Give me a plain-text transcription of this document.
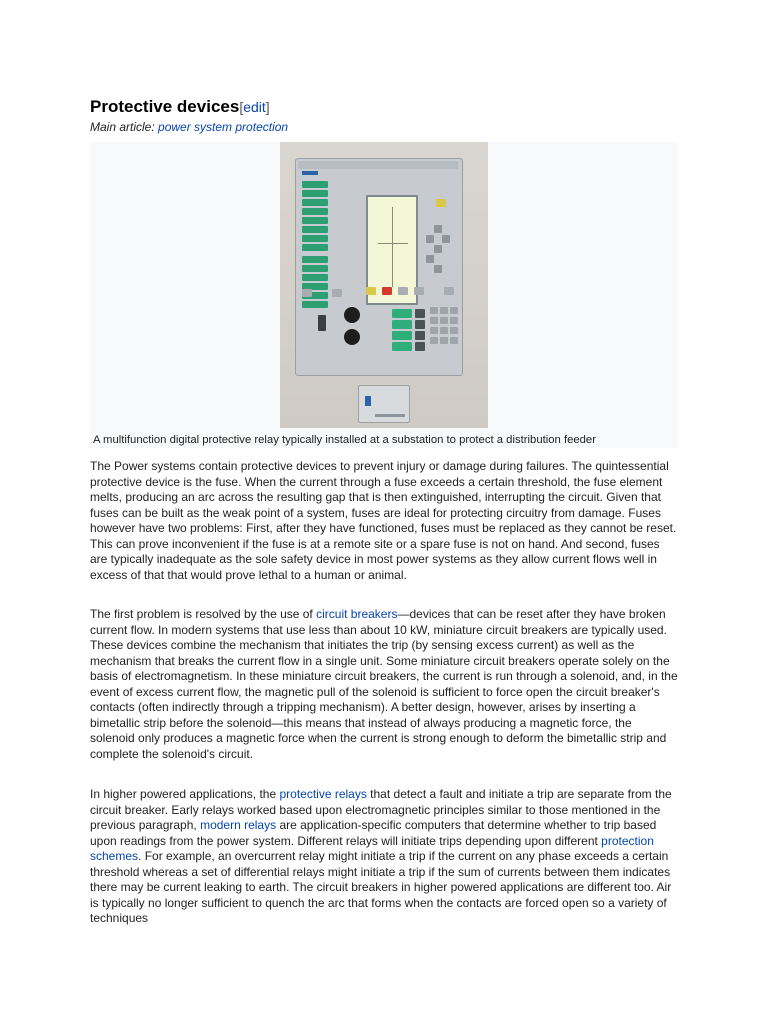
Protective devices[edit]
Main article: power system protection
A multifunction digital protective relay typically installed at a substation to protect a distribution feeder

The Power systems contain protective devices to prevent injury or damage during failures. The quintessential protective device is the fuse. When the current through a fuse exceeds a certain threshold, the fuse element melts, producing an arc across the resulting gap that is then extinguished, interrupting the circuit. Given that fuses can be built as the weak point of a system, fuses are ideal for protecting circuitry from damage. Fuses however have two problems: First, after they have functioned, fuses must be replaced as they cannot be reset. This can prove inconvenient if the fuse is at a remote site or a spare fuse is not on hand. And second, fuses are typically inadequate as the sole safety device in most power systems as they allow current flows well in excess of that that would prove lethal to a human or animal.

The first problem is resolved by the use of circuit breakers—devices that can be reset after they have broken current flow. In modern systems that use less than about 10 kW, miniature circuit breakers are typically used. These devices combine the mechanism that initiates the trip (by sensing excess current) as well as the mechanism that breaks the current flow in a single unit. Some miniature circuit breakers operate solely on the basis of electromagnetism. In these miniature circuit breakers, the current is run through a solenoid, and, in the event of excess current flow, the magnetic pull of the solenoid is sufficient to force open the circuit breaker's contacts (often indirectly through a tripping mechanism). A better design, however, arises by inserting a bimetallic strip before the solenoid—this means that instead of always producing a magnetic force, the solenoid only produces a magnetic force when the current is strong enough to deform the bimetallic strip and complete the solenoid's circuit.

In higher powered applications, the protective relays that detect a fault and initiate a trip are separate from the circuit breaker. Early relays worked based upon electromagnetic principles similar to those mentioned in the previous paragraph, modern relays are application-specific computers that determine whether to trip based upon readings from the power system. Different relays will initiate trips depending upon different protection schemes. For example, an overcurrent relay might initiate a trip if the current on any phase exceeds a certain threshold whereas a set of differential relays might initiate a trip if the sum of currents between them indicates there may be current leaking to earth. The circuit breakers in higher powered applications are different too. Air is typically no longer sufficient to quench the arc that forms when the contacts are forced open so a variety of techniques
